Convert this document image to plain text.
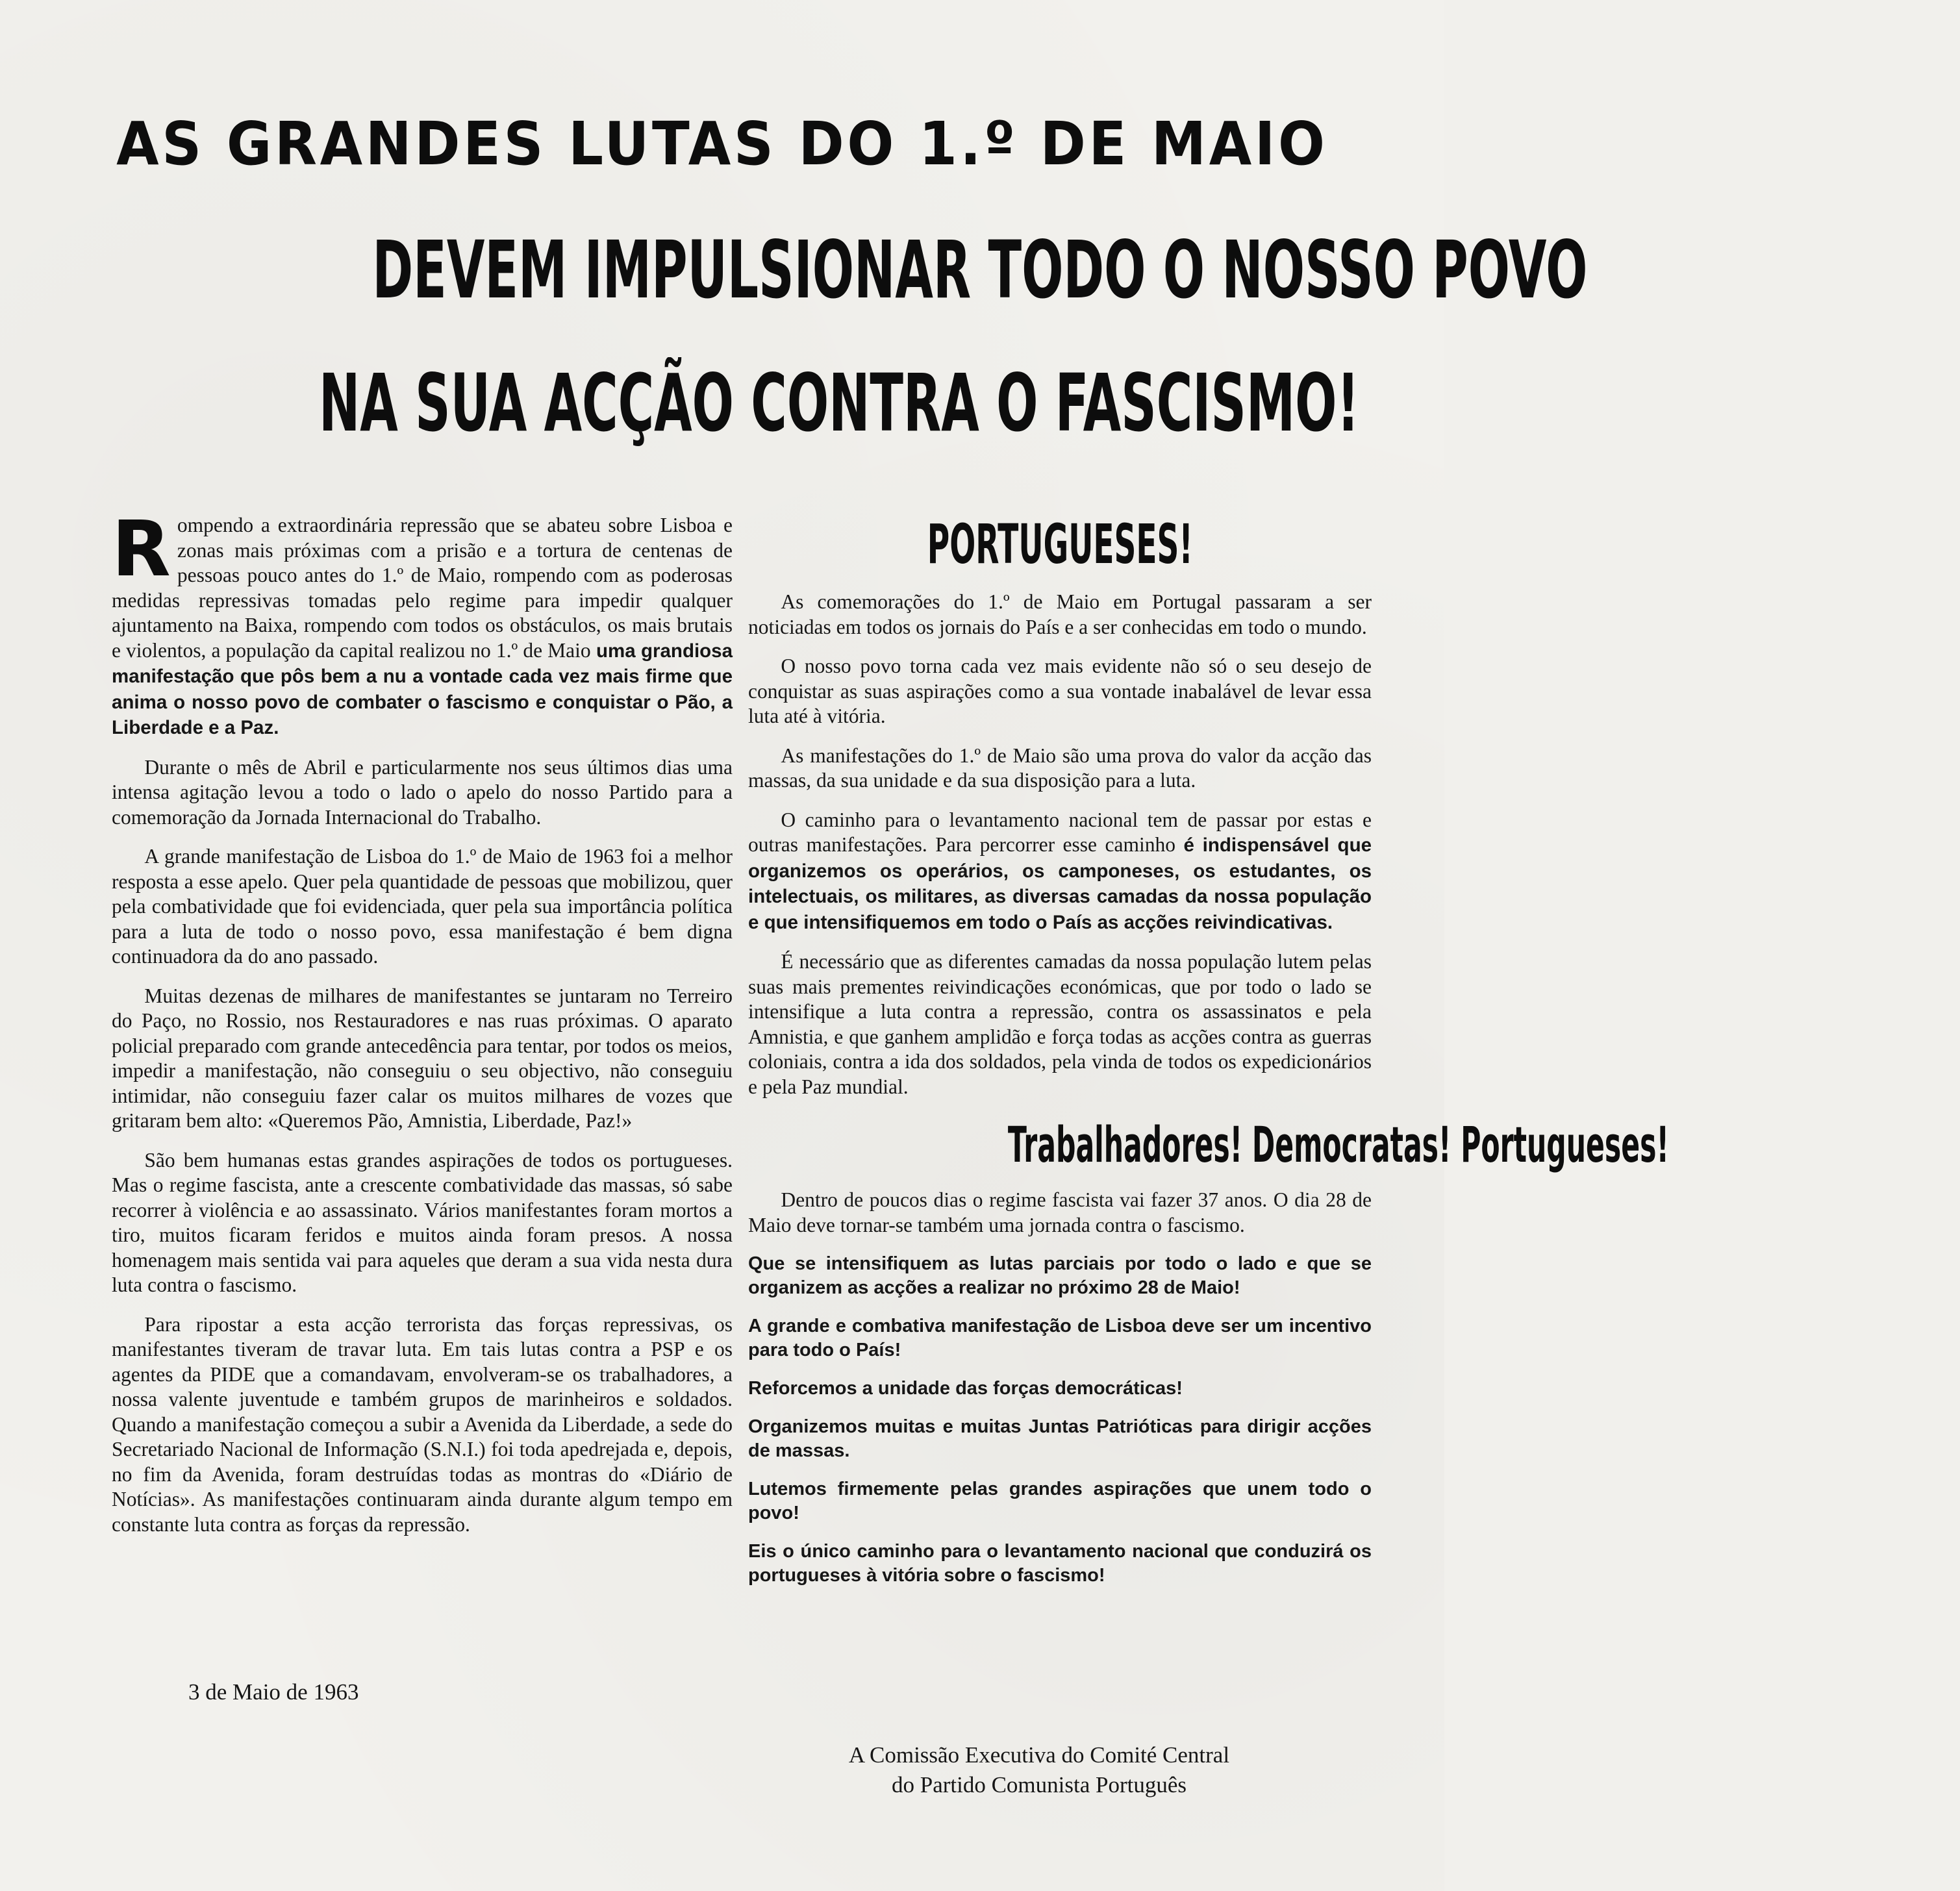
AS GRANDES LUTAS DO 1.º DE MAIO
DEVEM IMPULSIONAR TODO O NOSSO POVO
NA SUA ACÇÃO CONTRA O FASCISMO!

Rompendo a extraordinária repressão que se abateu sobre Lisboa e zonas mais próximas com a prisão e a tortura de centenas de pessoas pouco antes do 1.º de Maio, rompendo com as poderosas medidas repressivas tomadas pelo regime para impedir qualquer ajuntamento na Baixa, rompendo com todos os obstáculos, os mais brutais e violentos, a população da capital realizou no 1.º de Maio uma grandiosa manifestação que pôs bem a nu a vontade cada vez mais firme que anima o nosso povo de combater o fascismo e conquistar o Pão, a Liberdade e a Paz.

Durante o mês de Abril e particularmente nos seus últimos dias uma intensa agitação levou a todo o lado o apelo do nosso Partido para a comemoração da Jornada Internacional do Trabalho.

A grande manifestação de Lisboa do 1.º de Maio de 1963 foi a melhor resposta a esse apelo. Quer pela quantidade de pessoas que mobilizou, quer pela combatividade que foi evidenciada, quer pela sua importância política para a luta de todo o nosso povo, essa manifestação é bem digna continuadora da do ano passado.

Muitas dezenas de milhares de manifestantes se juntaram no Terreiro do Paço, no Rossio, nos Restauradores e nas ruas próximas. O aparato policial preparado com grande antecedência para tentar, por todos os meios, impedir a manifestação, não conseguiu o seu objectivo, não conseguiu intimidar, não conseguiu fazer calar os muitos milhares de vozes que gritaram bem alto: «Queremos Pão, Amnistia, Liberdade, Paz!»

São bem humanas estas grandes aspirações de todos os portugueses. Mas o regime fascista, ante a crescente combatividade das massas, só sabe recorrer à violência e ao assassinato. Vários manifestantes foram mortos a tiro, muitos ficaram feridos e muitos ainda foram presos. A nossa homenagem mais sentida vai para aqueles que deram a sua vida nesta dura luta contra o fascismo.

Para ripostar a esta acção terrorista das forças repressivas, os manifestantes tiveram de travar luta. Em tais lutas contra a PSP e os agentes da PIDE que a comandavam, envolveram-se os trabalhadores, a nossa valente juventude e também grupos de marinheiros e soldados. Quando a manifestação começou a subir a Avenida da Liberdade, a sede do Secretariado Nacional de Informação (S.N.I.) foi toda apedrejada e, depois, no fim da Avenida, foram destruídas todas as montras do «Diário de Notícias». As manifestações continuaram ainda durante algum tempo em constante luta contra as forças da repressão.

PORTUGUESES!

As comemorações do 1.º de Maio em Portugal passaram a ser noticiadas em todos os jornais do País e a ser conhecidas em todo o mundo.

O nosso povo torna cada vez mais evidente não só o seu desejo de conquistar as suas aspirações como a sua vontade inabalável de levar essa luta até à vitória.

As manifestações do 1.º de Maio são uma prova do valor da acção das massas, da sua unidade e da sua disposição para a luta.

O caminho para o levantamento nacional tem de passar por estas e outras manifestações. Para percorrer esse caminho é indispensável que organizemos os operários, os camponeses, os estudantes, os intelectuais, os militares, as diversas camadas da nossa população e que intensifiquemos em todo o País as acções reivindicativas.

É necessário que as diferentes camadas da nossa população lutem pelas suas mais prementes reivindicações económicas, que por todo o lado se intensifique a luta contra a repressão, contra os assassinatos e pela Amnistia, e que ganhem amplidão e força todas as acções contra as guerras coloniais, contra a ida dos soldados, pela vinda de todos os expedicionários e pela Paz mundial.

Trabalhadores! Democratas! Portugueses!

Dentro de poucos dias o regime fascista vai fazer 37 anos. O dia 28 de Maio deve tornar-se também uma jornada contra o fascismo.

Que se intensifiquem as lutas parciais por todo o lado e que se organizem as acções a realizar no próximo 28 de Maio!

A grande e combativa manifestação de Lisboa deve ser um incentivo para todo o País!

Reforcemos a unidade das forças democráticas!

Organizemos muitas e muitas Juntas Patrióticas para dirigir acções de massas.

Lutemos firmemente pelas grandes aspirações que unem todo o povo!

Eis o único caminho para o levantamento nacional que conduzirá os portugueses à vitória sobre o fascismo!

3 de Maio de 1963
A Comissão Executiva do Comité Central
do Partido Comunista Português
